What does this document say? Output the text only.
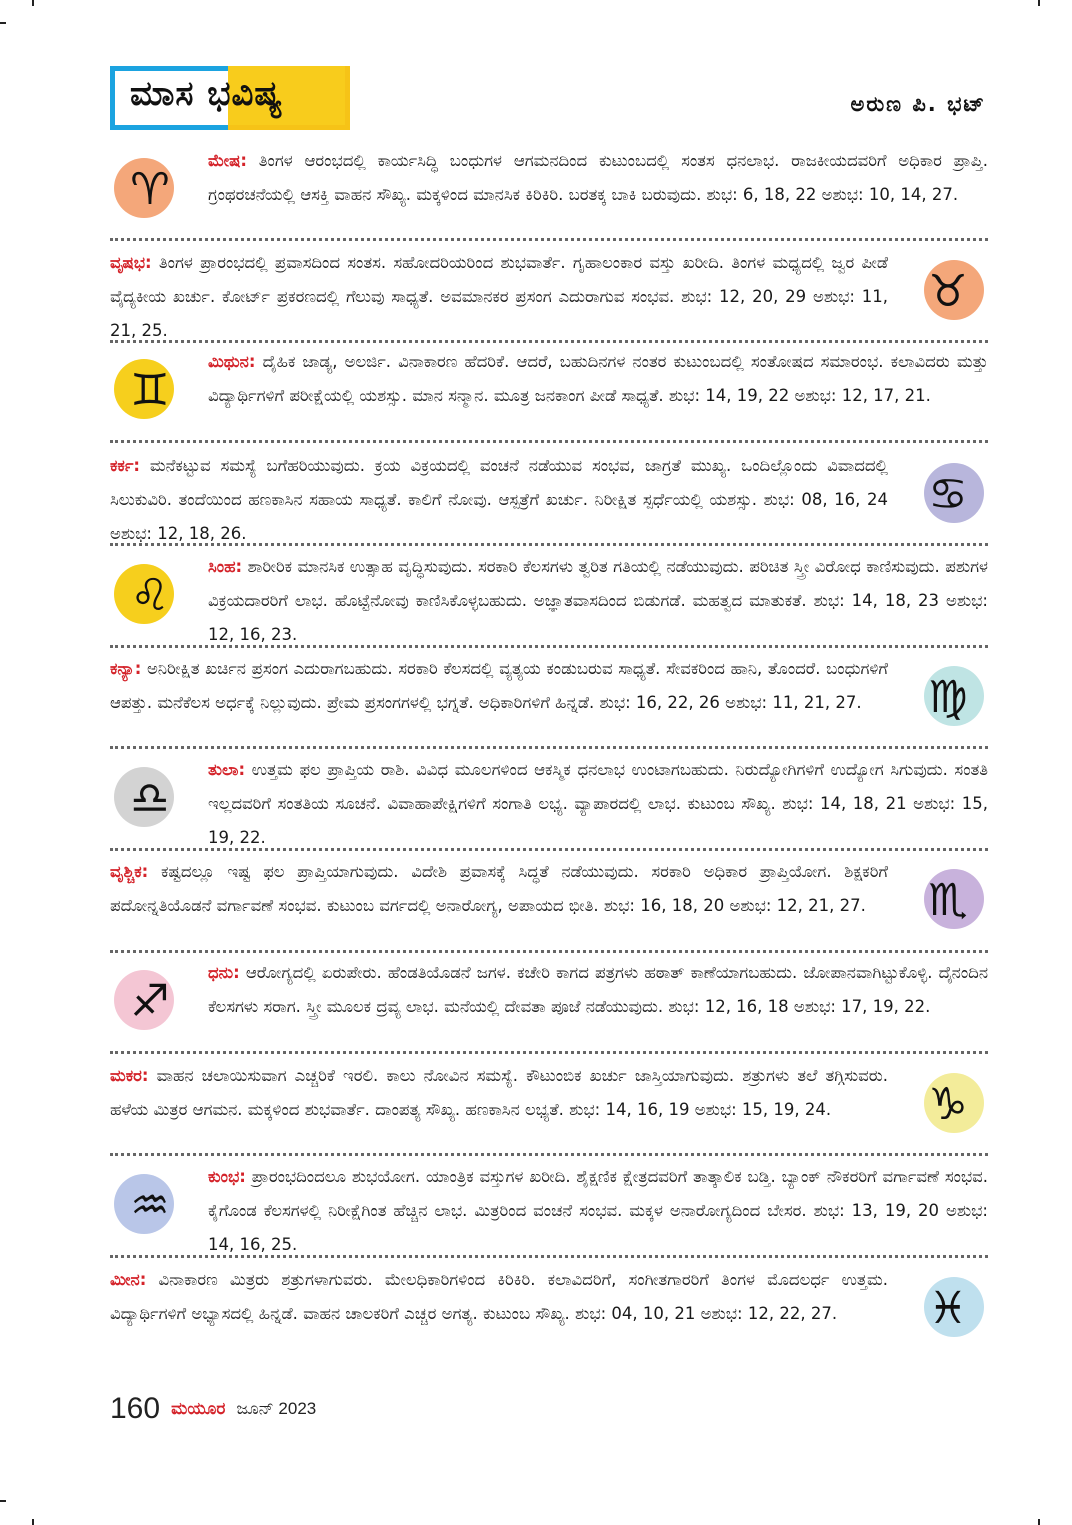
ಮಾಸ ಭವಿಷ್ಯ	ಅರುಣ ಪಿ. ಭಟ್
♈
ಮೇಷ: ತಿಂಗಳ ಆರಂಭದಲ್ಲಿ ಕಾರ್ಯಸಿದ್ಧಿ ಬಂಧುಗಳ ಆಗಮನದಿಂದ ಕುಟುಂಬದಲ್ಲಿ ಸಂತಸ ಧನಲಾಭ. ರಾಜಕೀಯದವರಿಗೆ ಅಧಿಕಾರ ಪ್ರಾಪ್ತಿ. ಗ್ರಂಥರಚನೆಯಲ್ಲಿ ಆಸಕ್ತಿ ವಾಹನ ಸೌಖ್ಯ. ಮಕ್ಕಳಿಂದ ಮಾನಸಿಕ ಕಿರಿಕಿರಿ. ಬರತಕ್ಕ ಬಾಕಿ ಬರುವುದು. ಶುಭ: 6, 18, 22 ಅಶುಭ: 10, 14, 27.
♉
ವೃಷಭ: ತಿಂಗಳ ಪ್ರಾರಂಭದಲ್ಲಿ ಪ್ರವಾಸದಿಂದ ಸಂತಸ. ಸಹೋದರಿಯರಿಂದ ಶುಭವಾರ್ತೆ. ಗೃಹಾಲಂಕಾರ ವಸ್ತು ಖರೀದಿ. ತಿಂಗಳ ಮಧ್ಯದಲ್ಲಿ ಜ್ವರ ಪೀಡೆ ವೈದ್ಯಕೀಯ ಖರ್ಚು. ಕೋರ್ಟ್ ಪ್ರಕರಣದಲ್ಲಿ ಗೆಲುವು ಸಾಧ್ಯತೆ. ಅವಮಾನಕರ ಪ್ರಸಂಗ ಎದುರಾಗುವ ಸಂಭವ. ಶುಭ: 12, 20, 29 ಅಶುಭ: 11, 21, 25.
♊
ಮಿಥುನ: ದೈಹಿಕ ಜಾಡ್ಯ, ಅಲರ್ಜಿ. ವಿನಾಕಾರಣ ಹೆದರಿಕೆ. ಆದರೆ, ಬಹುದಿನಗಳ ನಂತರ ಕುಟುಂಬದಲ್ಲಿ ಸಂತೋಷದ ಸಮಾರಂಭ. ಕಲಾವಿದರು ಮತ್ತು ವಿದ್ಯಾರ್ಥಿಗಳಿಗೆ ಪರೀಕ್ಷೆಯಲ್ಲಿ ಯಶಸ್ಸು. ಮಾನ ಸನ್ಮಾನ. ಮೂತ್ರ ಜನಕಾಂಗ ಪೀಡೆ ಸಾಧ್ಯತೆ. ಶುಭ: 14, 19, 22 ಅಶುಭ: 12, 17, 21.
♋
ಕರ್ಕ: ಮನೆಕಟ್ಟುವ ಸಮಸ್ಯೆ ಬಗೆಹರಿಯುವುದು. ಕ್ರಯ ವಿಕ್ರಯದಲ್ಲಿ ವಂಚನೆ ನಡೆಯುವ ಸಂಭವ, ಜಾಗ್ರತೆ ಮುಖ್ಯ. ಒಂದಿಲ್ಲೊಂದು ವಿವಾದದಲ್ಲಿ ಸಿಲುಕುವಿರಿ. ತಂದೆಯಿಂದ ಹಣಕಾಸಿನ ಸಹಾಯ ಸಾಧ್ಯತೆ. ಕಾಲಿಗೆ ನೋವು. ಆಸ್ಪತ್ರೆಗೆ ಖರ್ಚು. ನಿರೀಕ್ಷಿತ ಸ್ಪರ್ಧೆಯಲ್ಲಿ ಯಶಸ್ಸು. ಶುಭ: 08, 16, 24 ಅಶುಭ: 12, 18, 26.
♌
ಸಿಂಹ: ಶಾರೀರಿಕ ಮಾನಸಿಕ ಉತ್ಸಾಹ ವೃದ್ಧಿಸುವುದು. ಸರಕಾರಿ ಕೆಲಸಗಳು ತ್ವರಿತ ಗತಿಯಲ್ಲಿ ನಡೆಯುವುದು. ಪರಿಚಿತ ಸ್ತ್ರೀ ವಿರೋಧ ಕಾಣಿಸುವುದು. ಪಶುಗಳ ವಿಕ್ರಯದಾರರಿಗೆ ಲಾಭ. ಹೊಟ್ಟೆನೋವು ಕಾಣಿಸಿಕೊಳ್ಳಬಹುದು. ಅಜ್ಞಾತವಾಸದಿಂದ ಬಿಡುಗಡೆ. ಮಹತ್ವದ ಮಾತುಕತೆ. ಶುಭ: 14, 18, 23 ಅಶುಭ: 12, 16, 23.
♍
ಕನ್ಯಾ: ಅನಿರೀಕ್ಷಿತ ಖರ್ಚಿನ ಪ್ರಸಂಗ ಎದುರಾಗಬಹುದು. ಸರಕಾರಿ ಕೆಲಸದಲ್ಲಿ ವ್ಯತ್ಯಯ ಕಂಡುಬರುವ ಸಾಧ್ಯತೆ. ಸೇವಕರಿಂದ ಹಾನಿ, ತೊಂದರೆ. ಬಂಧುಗಳಿಗೆ ಆಪತ್ತು. ಮನೆಕೆಲಸ ಅರ್ಧಕ್ಕೆ ನಿಲ್ಲುವುದು. ಪ್ರೇಮ ಪ್ರಸಂಗಗಳಲ್ಲಿ ಭಗ್ನತೆ. ಅಧಿಕಾರಿಗಳಿಗೆ ಹಿನ್ನಡೆ. ಶುಭ: 16, 22, 26 ಅಶುಭ: 11, 21, 27.
♎
ತುಲಾ: ಉತ್ತಮ ಫಲ ಪ್ರಾಪ್ತಿಯ ರಾಶಿ. ವಿವಿಧ ಮೂಲಗಳಿಂದ ಆಕಸ್ಮಿಕ ಧನಲಾಭ ಉಂಟಾಗಬಹುದು. ನಿರುದ್ಯೋಗಿಗಳಿಗೆ ಉದ್ಯೋಗ ಸಿಗುವುದು. ಸಂತತಿ ಇಲ್ಲದವರಿಗೆ ಸಂತತಿಯ ಸೂಚನೆ. ವಿವಾಹಾಪೇಕ್ಷಿಗಳಿಗೆ ಸಂಗಾತಿ ಲಭ್ಯ. ವ್ಯಾಪಾರದಲ್ಲಿ ಲಾಭ. ಕುಟುಂಬ ಸೌಖ್ಯ. ಶುಭ: 14, 18, 21 ಅಶುಭ: 15, 19, 22.
♏
ವೃಶ್ಚಿಕ: ಕಷ್ಟದಲ್ಲೂ ಇಷ್ಟ ಫಲ ಪ್ರಾಪ್ತಿಯಾಗುವುದು. ವಿದೇಶಿ ಪ್ರವಾಸಕ್ಕೆ ಸಿದ್ಧತೆ ನಡೆಯುವುದು. ಸರಕಾರಿ ಅಧಿಕಾರ ಪ್ರಾಪ್ತಿಯೋಗ. ಶಿಕ್ಷಕರಿಗೆ ಪದೋನ್ನತಿಯೊಡನೆ ವರ್ಗಾವಣೆ ಸಂಭವ. ಕುಟುಂಬ ವರ್ಗದಲ್ಲಿ ಅನಾರೋಗ್ಯ, ಅಪಾಯದ ಭೀತಿ. ಶುಭ: 16, 18, 20 ಅಶುಭ: 12, 21, 27.
♐
ಧನು: ಆರೋಗ್ಯದಲ್ಲಿ ಏರುಪೇರು. ಹೆಂಡತಿಯೊಡನೆ ಜಗಳ. ಕಚೇರಿ ಕಾಗದ ಪತ್ರಗಳು ಹಠಾತ್ ಕಾಣೆಯಾಗಬಹುದು. ಜೋಪಾನವಾಗಿಟ್ಟುಕೊಳ್ಳಿ. ದೈನಂದಿನ ಕೆಲಸಗಳು ಸರಾಗ. ಸ್ತ್ರೀ ಮೂಲಕ ದ್ರವ್ಯ ಲಾಭ. ಮನೆಯಲ್ಲಿ ದೇವತಾ ಪೂಜೆ ನಡೆಯುವುದು. ಶುಭ: 12, 16, 18 ಅಶುಭ: 17, 19, 22.
♑
ಮಕರ: ವಾಹನ ಚಲಾಯಿಸುವಾಗ ಎಚ್ಚರಿಕೆ ಇರಲಿ. ಕಾಲು ನೋವಿನ ಸಮಸ್ಯೆ. ಕೌಟುಂಬಿಕ ಖರ್ಚು ಜಾಸ್ತಿಯಾಗುವುದು. ಶತ್ರುಗಳು ತಲೆ ತಗ್ಗಿಸುವರು. ಹಳೆಯ ಮಿತ್ರರ ಆಗಮನ. ಮಕ್ಕಳಿಂದ ಶುಭವಾರ್ತೆ. ದಾಂಪತ್ಯ ಸೌಖ್ಯ. ಹಣಕಾಸಿನ ಲಭ್ಯತೆ. ಶುಭ: 14, 16, 19 ಅಶುಭ: 15, 19, 24.
♒
ಕುಂಭ: ಪ್ರಾರಂಭದಿಂದಲೂ ಶುಭಯೋಗ. ಯಾಂತ್ರಿಕ ವಸ್ತುಗಳ ಖರೀದಿ. ಶೈಕ್ಷಣಿಕ ಕ್ಷೇತ್ರದವರಿಗೆ ತಾತ್ಕಾಲಿಕ ಬಡ್ತಿ. ಬ್ಯಾಂಕ್ ನೌಕರರಿಗೆ ವರ್ಗಾವಣೆ ಸಂಭವ. ಕೈಗೊಂಡ ಕೆಲಸಗಳಲ್ಲಿ ನಿರೀಕ್ಷೆಗಿಂತ ಹೆಚ್ಚಿನ ಲಾಭ. ಮಿತ್ರರಿಂದ ವಂಚನೆ ಸಂಭವ. ಮಕ್ಕಳ ಅನಾರೋಗ್ಯದಿಂದ ಬೇಸರ. ಶುಭ: 13, 19, 20 ಅಶುಭ: 14, 16, 25.
♓
ಮೀನ: ವಿನಾಕಾರಣ ಮಿತ್ರರು ಶತ್ರುಗಳಾಗುವರು. ಮೇಲಧಿಕಾರಿಗಳಿಂದ ಕಿರಿಕಿರಿ. ಕಲಾವಿದರಿಗೆ, ಸಂಗೀತಗಾರರಿಗೆ ತಿಂಗಳ ಮೊದಲರ್ಧ ಉತ್ತಮ. ವಿದ್ಯಾರ್ಥಿಗಳಿಗೆ ಅಭ್ಯಾಸದಲ್ಲಿ ಹಿನ್ನಡೆ. ವಾಹನ ಚಾಲಕರಿಗೆ ಎಚ್ಚರ ಅಗತ್ಯ. ಕುಟುಂಬ ಸೌಖ್ಯ. ಶುಭ: 04, 10, 21 ಅಶುಭ: 12, 22, 27.
160 ಮಯೂರ ಜೂನ್ 2023
